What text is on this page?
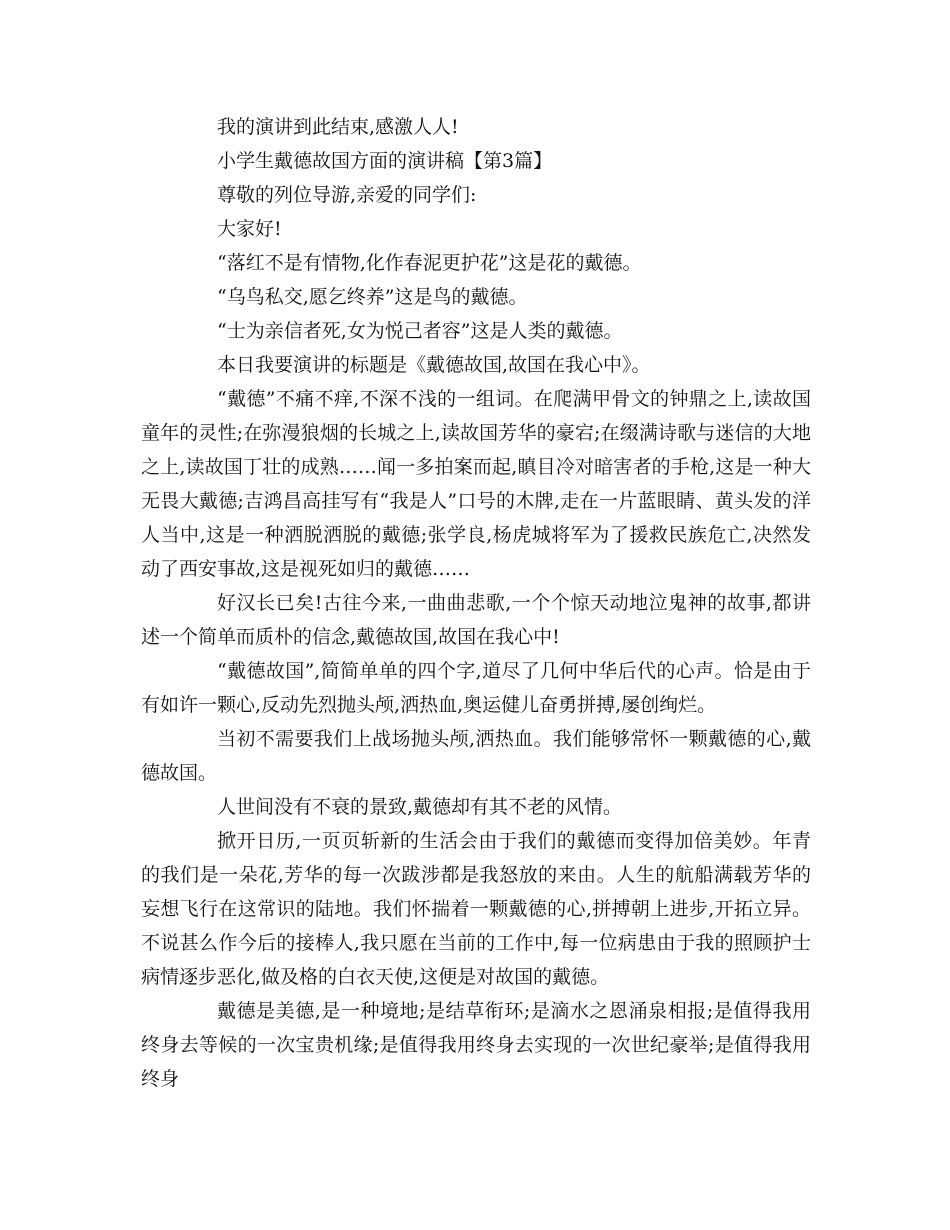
我的演讲到此结束,感激人人!

小学生戴德故国方面的演讲稿【第3篇】

尊敬的列位导游,亲爱的同学们:

大家好!

“落红不是有情物,化作春泥更护花”这是花的戴德。

“乌鸟私交,愿乞终养”这是鸟的戴德。

“士为亲信者死,女为悦己者容”这是人类的戴德。

本日我要演讲的标题是《戴德故国,故国在我心中》。

“戴德”不痛不痒,不深不浅的一组词。在爬满甲骨文的钟鼎之上,读故国童年的灵性;在弥漫狼烟的长城之上,读故国芳华的豪宕;在缀满诗歌与迷信的大地之上,读故国丁壮的成熟……闻一多拍案而起,瞋目冷对暗害者的手枪,这是一种大无畏大戴德;吉鸿昌高挂写有“我是人”口号的木牌,走在一片蓝眼睛、黄头发的洋人当中,这是一种洒脱洒脱的戴德;张学良,杨虎城将军为了援救民族危亡,决然发动了西安事故,这是视死如归的戴德……

好汉长已矣!古往今来,一曲曲悲歌,一个个惊天动地泣鬼神的故事,都讲述一个简单而质朴的信念,戴德故国,故国在我心中!

“戴德故国”,简简单单的四个字,道尽了几何中华后代的心声。恰是由于有如许一颗心,反动先烈抛头颅,洒热血,奥运健儿奋勇拼搏,屡创绚烂。

当初不需要我们上战场抛头颅,洒热血。我们能够常怀一颗戴德的心,戴德故国。

人世间没有不衰的景致,戴德却有其不老的风情。

掀开日历,一页页斩新的生活会由于我们的戴德而变得加倍美妙。年青的我们是一朵花,芳华的每一次跋涉都是我怒放的来由。人生的航船满载芳华的妄想飞行在这常识的陆地。我们怀揣着一颗戴德的心,拼搏朝上进步,开拓立异。不说甚么作今后的接棒人,我只愿在当前的工作中,每一位病患由于我的照顾护士病情逐步恶化,做及格的白衣天使,这便是对故国的戴德。

戴德是美德,是一种境地;是结草衔环;是滴水之恩涌泉相报;是值得我用终身去等候的一次宝贵机缘;是值得我用终身去实现的一次世纪豪举;是值得我用终身
